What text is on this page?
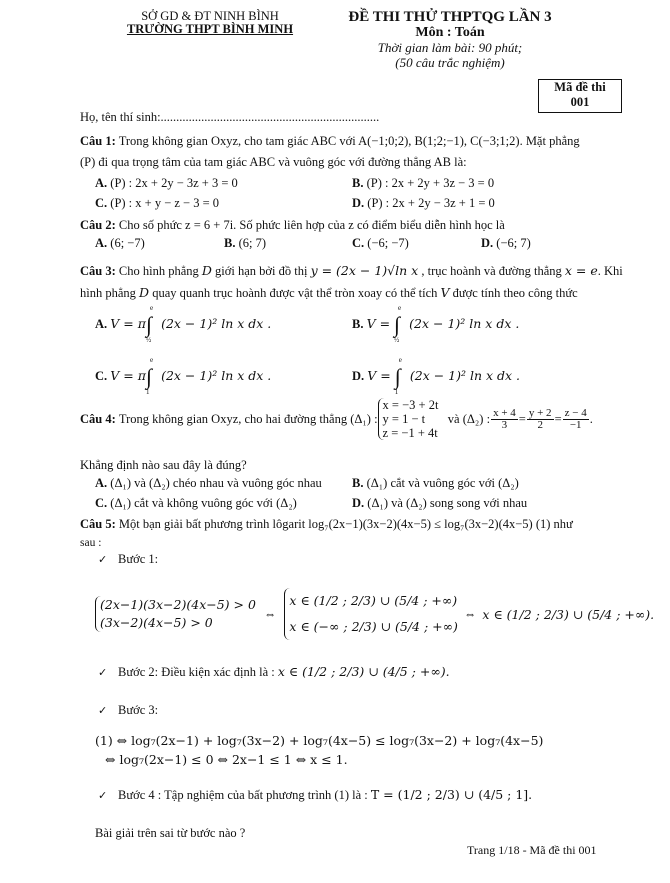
SỞ GD & ĐT NINH BÌNH
TRƯỜNG THPT BÌNH MINH
ĐỀ THI THỬ THPTQG LẦN 3
Môn : Toán
Thời gian làm bài: 90 phút;
(50 câu trắc nghiệm)
Mã đề thi
001
Họ, tên thí sinh:......................................................................
Câu 1: Trong không gian Oxyz, cho tam giác ABC với A(−1;0;2), B(1;2;−1), C(−3;1;2). Mặt phẳng
(P) đi qua trọng tâm của tam giác ABC và vuông góc với đường thẳng AB là:
A. (P) : 2x + 2y − 3z + 3 = 0	B. (P) : 2x + 2y + 3z − 3 = 0
C. (P) : x + y − z − 3 = 0	D. (P) : 2x + 2y − 3z + 1 = 0
Câu 2: Cho số phức z = 6 + 7i. Số phức liên hợp của z có điểm biểu diễn hình học là
A. (6; −7)	B. (6; 7)	C. (−6; −7)	D. (−6; 7)
Câu 3: Cho hình phẳng D giới hạn bởi đồ thị y = (2x − 1)√ln x , trục hoành và đường thẳng x = e. Khi
hình phẳng D quay quanh trục hoành được vật thể tròn xoay có thể tích V được tính theo công thức
A. V = π∫
e
½
(2x − 1)² ln x dx .	B. V = ∫
e
½
(2x − 1)² ln x dx .
C. V = π∫
e
1
(2x − 1)² ln x dx .	D. V = ∫
e
1
(2x − 1)² ln x dx .
Câu 4:
Trong không gian Oxyz, cho hai đường thẳng
(Δ₁) :
x = −3 + 2t
y = 1 − t
z = −1 + 4t

và
(Δ₂) : $\frac{x + 4}{3} = \frac{y + 2}{2} = \frac{z - 4}{-1}$ .
Khẳng định nào sau đây là đúng?
A. (Δ₁) và (Δ₂) chéo nhau và vuông góc nhau B. (Δ₁) cắt và vuông góc với (Δ₂)
C. (Δ₁) cắt và không vuông góc với (Δ₂)	D. (Δ₁) và (Δ₂) song song với nhau
Câu 5: Một bạn giải bất phương trình lôgarit log₇(2x−1)(3x−2)(4x−5) ≤ log₇(3x−2)(4x−5) (1) như
sau :
✓ Bước 1:
(2x−1)(3x−2)(4x−5) > 0
(3x−2)(4x−5) > 0
⇔
x ∈ (1/2 ; 2/3) ∪ (5/4 ; +∞)
x ∈ (−∞ ; 2/3) ∪ (5/4 ; +∞)
⇔ x ∈ (1/2 ; 2/3) ∪ (5/4 ; +∞).
✓ Bước 2: Điều kiện xác định là : x ∈ (1/2 ; 2/3) ∪ (4/5 ; +∞).
✓ Bước 3:
(1) ⇔ log₇(2x−1) + log₇(3x−2) + log₇(4x−5) ≤ log₇(3x−2) + log₇(4x−5)
⇔ log₇(2x−1) ≤ 0 ⇔ 2x−1 ≤ 1 ⇔ x ≤ 1.
✓ Bước 4 : Tập nghiệm của bất phương trình (1) là : T = (1/2 ; 2/3) ∪ (4/5 ; 1].
Bài giải trên sai từ bước nào ?
Trang 1/18 - Mã đề thi 001
